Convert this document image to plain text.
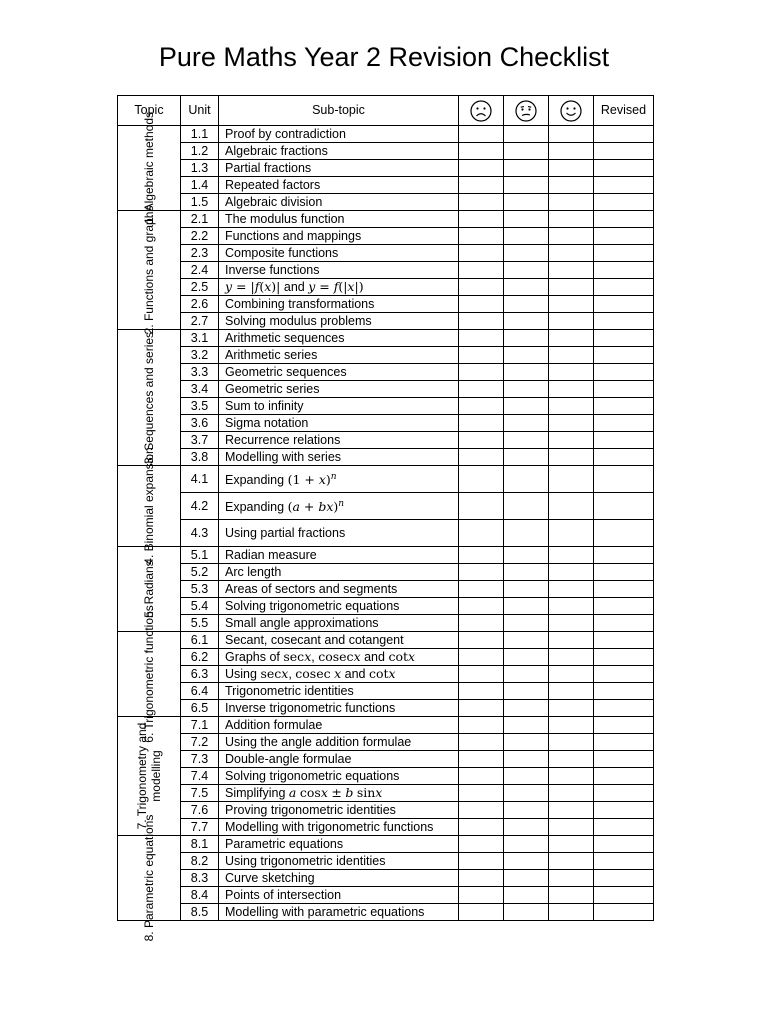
Pure Maths Year 2 Revision Checklist
Topic	Unit	Sub-topic				Revised

1. Algebraic methods	1.1	Proof by contradiction				
	1.2	Algebraic fractions				
	1.3	Partial fractions				
	1.4	Repeated factors				
	1.5	Algebraic division				

2. Functions and graphs	2.1	The modulus function				
	2.2	Functions and mappings				
	2.3	Composite functions				
	2.4	Inverse functions				
	2.5	y = |f(x)| and y = f(|x|)				
	2.6	Combining transformations				
	2.7	Solving modulus problems				

3. Sequences and series	3.1	Arithmetic sequences				
	3.2	Arithmetic series				
	3.3	Geometric sequences				
	3.4	Geometric series				
	3.5	Sum to infinity				
	3.6	Sigma notation				
	3.7	Recurrence relations				
	3.8	Modelling with series				

4. Binomial expansion	4.1	Expanding $(1 + x)^n$				
	4.2	Expanding (a + bx)$^n$				
	4.3	Using partial fractions				

5. Radians	5.1	Radian measure				
	5.2	Arc length				
	5.3	Areas of sectors and segments				
	5.4	Solving trigonometric equations				
	5.5	Small angle approximations				

6. Trigonometric functions	6.1	Secant, cosecant and cotangent				
	6.2	Graphs of secx, cosecx and cotx				
	6.3	Using secx, cosec x and cotx				
	6.4	Trigonometric identities				
	6.5	Inverse trigonometric functions				

7. Trigonometry and modelling	7.1	Addition formulae				
	7.2	Using the angle addition formulae				
	7.3	Double-angle formulae				
	7.4	Solving trigonometric equations				
	7.5	Simplifying a cosx ± b sinx				
	7.6	Proving trigonometric identities				
	7.7	Modelling with trigonometric functions				

8. Parametric equations	8.1	Parametric equations				
	8.2	Using trigonometric identities				
	8.3	Curve sketching				
	8.4	Points of intersection				
	8.5	Modelling with parametric equations				
